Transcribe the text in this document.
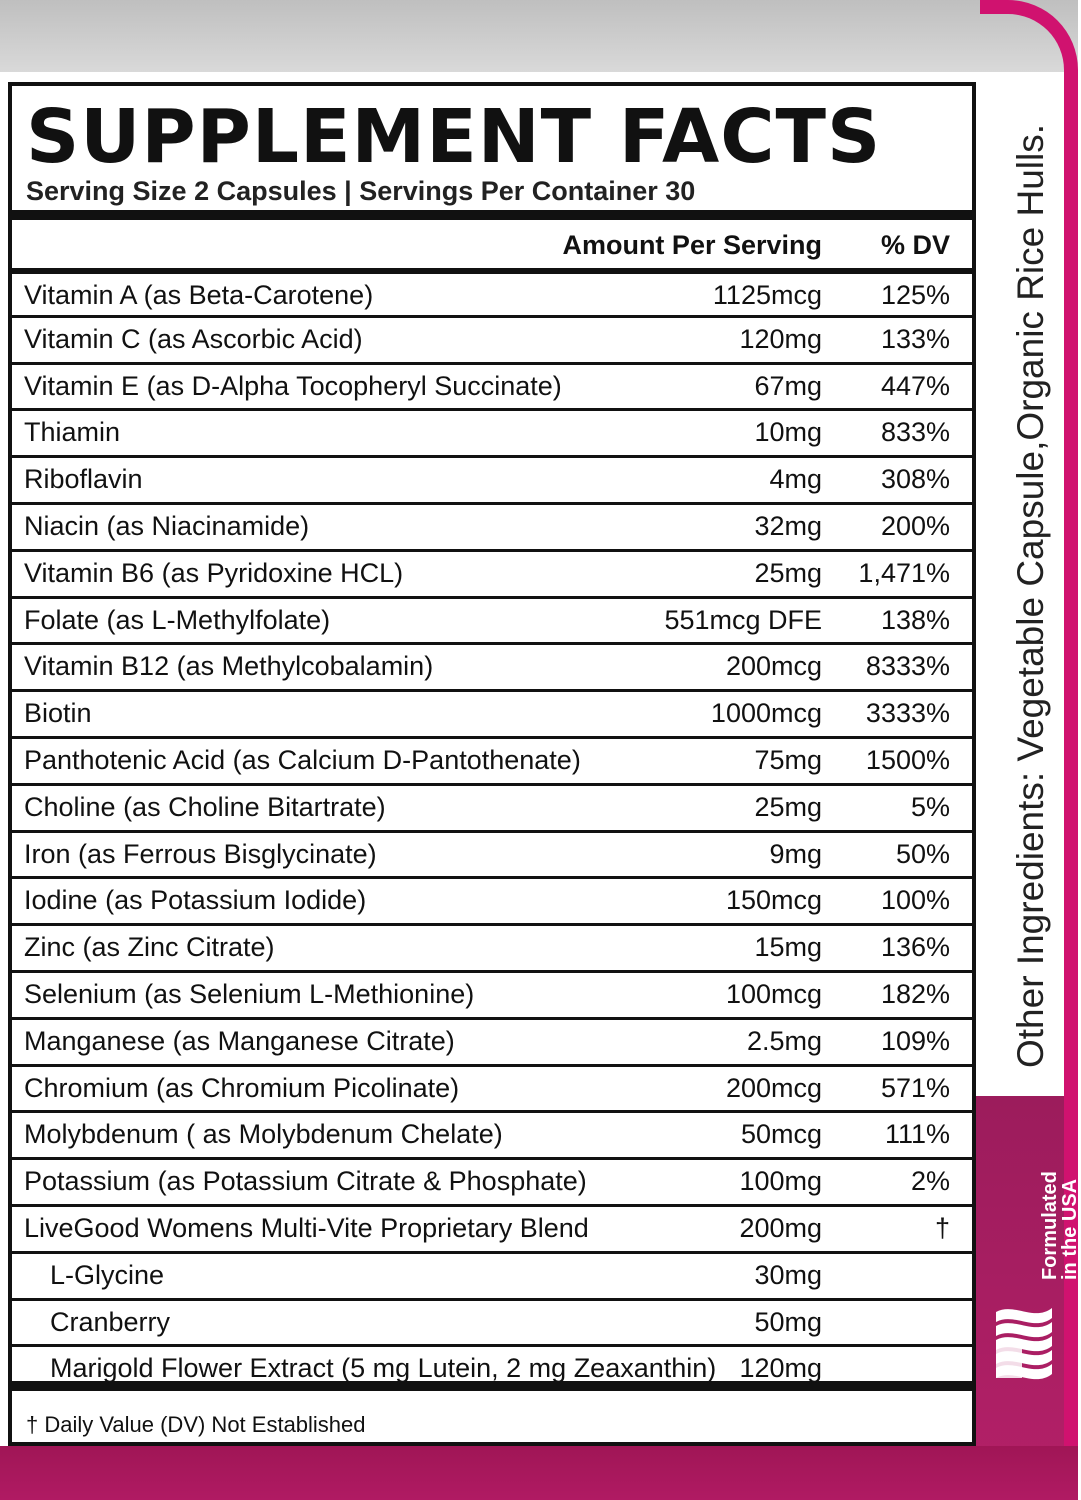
SUPPLEMENT FACTS
Serving Size 2 Capsules | Servings Per Container 30
Amount Per Serving % DV
Vitamin A (as Beta-Carotene)	1125mcg 125%
Vitamin C (as Ascorbic Acid)	120mg 133%
Vitamin E (as D-Alpha Tocopheryl Succinate)	67mg 447%
Thiamin	10mg 833%
Riboflavin	4mg 308%
Niacin (as Niacinamide)	32mg 200%
Vitamin B6 (as Pyridoxine HCL)	25mg 1,471%
Folate (as L-Methylfolate)	551mcg DFE 138%
Vitamin B12 (as Methylcobalamin)	200mcg 8333%
Biotin	1000mcg 3333%
Panthotenic Acid (as Calcium D-Pantothenate)	75mg 1500%
Choline (as Choline Bitartrate)	25mg	5%
Iron (as Ferrous Bisglycinate)	9mg	50%
Iodine (as Potassium Iodide)	150mcg 100%
Zinc (as Zinc Citrate)	15mg 136%
Selenium (as Selenium L-Methionine)	100mcg 182%
Manganese (as Manganese Citrate)	2.5mg 109%
Chromium (as Chromium Picolinate)	200mcg 571%
Molybdenum ( as Molybdenum Chelate)	50mcg 111%
Potassium (as Potassium Citrate & Phosphate)	100mg	2%
LiveGood Womens Multi-Vite Proprietary Blend	200mg	†
L-Glycine	30mg
Cranberry	50mg
Marigold Flower Extract (5 mg Lutein, 2 mg Zeaxanthin) 120mg
† Daily Value (DV) Not Established
Other Ingredients: Vegetable Capsule,Organic Rice Hulls.
Formulated
in the USA
